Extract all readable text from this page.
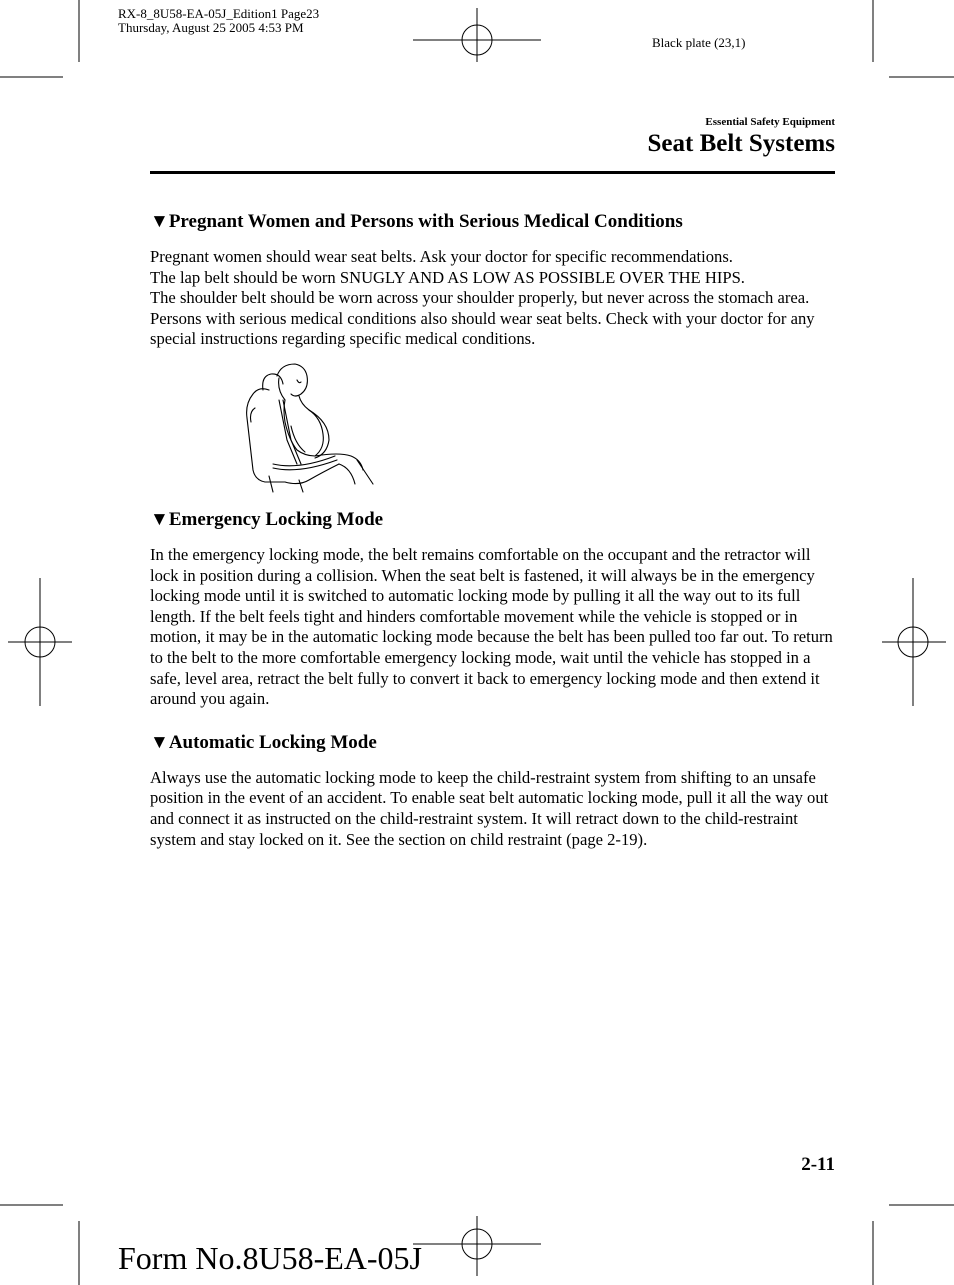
RX-8_8U58-EA-05J_Edition1 Page23
Thursday, August 25 2005 4:53 PM
Black plate (23,1)
Essential Safety Equipment
Seat Belt Systems
▼Pregnant Women and Persons with Serious Medical Conditions

Pregnant women should wear seat belts. Ask your doctor for specific recommendations.

The lap belt should be worn SNUGLY AND AS LOW AS POSSIBLE OVER THE HIPS.

The shoulder belt should be worn across your shoulder properly, but never across the stomach area.

Persons with serious medical conditions also should wear seat belts. Check with your doctor for any special instructions regarding specific medical conditions.

▼Emergency Locking Mode

In the emergency locking mode, the belt remains comfortable on the occupant and the retractor will lock in position during a collision. When the seat belt is fastened, it will always be in the emergency locking mode until it is switched to automatic locking mode by pulling it all the way out to its full length. If the belt feels tight and hinders comfortable movement while the vehicle is stopped or in motion, it may be in the automatic locking mode because the belt has been pulled too far out. To return to the belt to the more comfortable emergency locking mode, wait until the vehicle has stopped in a safe, level area, retract the belt fully to convert it back to emergency locking mode and then extend it around you again.

▼Automatic Locking Mode

Always use the automatic locking mode to keep the child-restraint system from shifting to an unsafe position in the event of an accident. To enable seat belt automatic locking mode, pull it all the way out and connect it as instructed on the child-restraint system. It will retract down to the child-restraint system and stay locked on it. See the section on child restraint (page 2-19).

2-11
Form No.8U58-EA-05J
